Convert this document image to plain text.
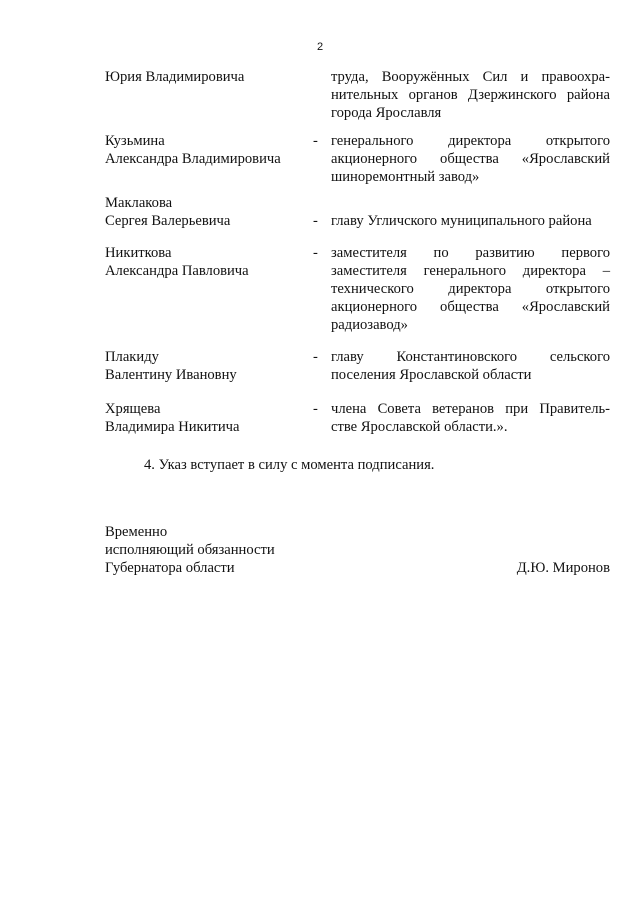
2
Юрия Владимировича	труда, Вооружённых Сил и правоохра-
нительных органов Дзержинского района
города Ярославля
Кузьмина
Александра Владимировича
- генерального директора открытого
акционерного общества «Ярославский
шиноремонтный завод»
Маклакова
Сергея Валерьевича	- главу Угличского муниципального района
Никиткова
Александра Павловича
- заместителя по развитию первого
заместителя генерального директора –
технического директора открытого
акционерного общества «Ярославский
радиозавод»
Плакиду
Валентину Ивановну
- главу Константиновского сельского
поселения Ярославской области
Хрящева
Владимира Никитича
- члена Совета ветеранов при Правитель-
стве Ярославской области.».
4. Указ вступает в силу с момента подписания.
Временно
исполняющий обязанности
Губернатора области	Д.Ю. Миронов
